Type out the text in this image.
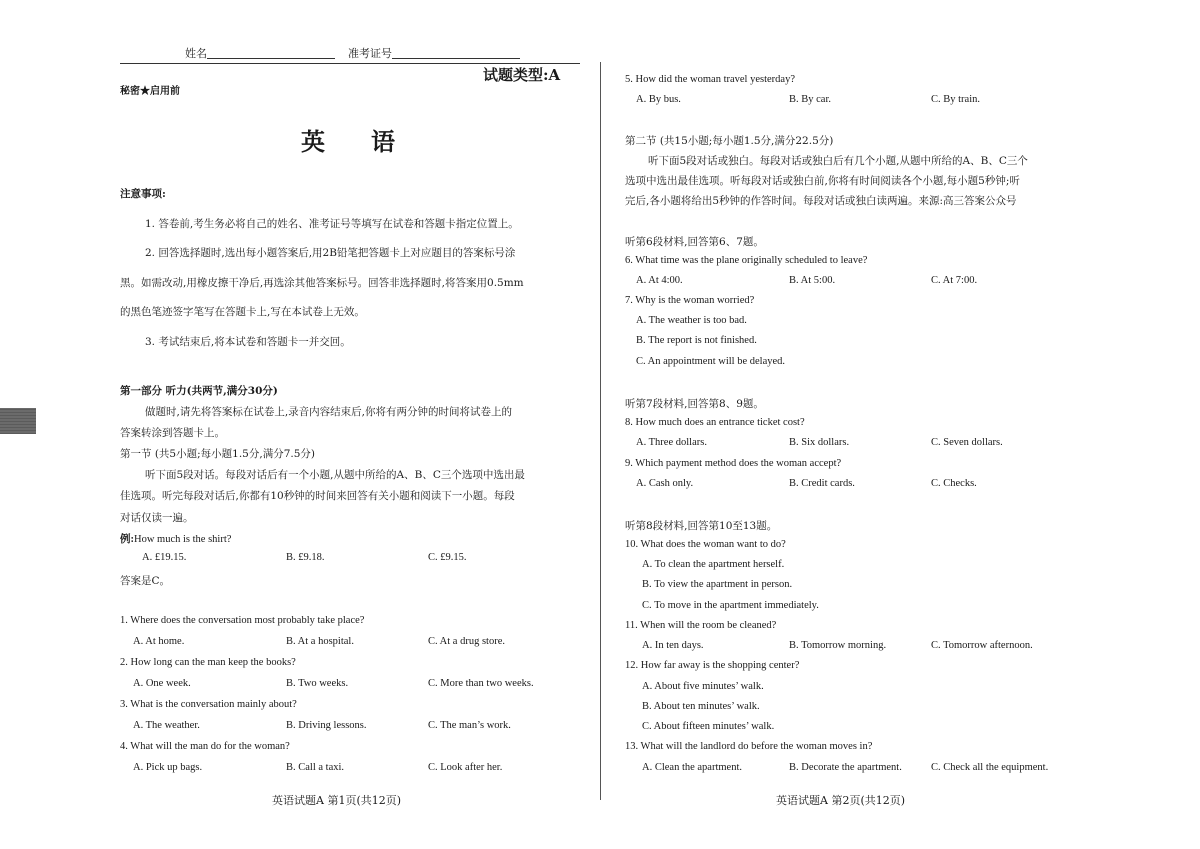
姓名	准考证号
试题类型:A
秘密★启用前
英语
注意事项:
1. 答卷前,考生务必将自己的姓名、准考证号等填写在试卷和答题卡指定位置上。
2. 回答选择题时,选出每小题答案后,用2B铅笔把答题卡上对应题目的答案标号涂
黑。如需改动,用橡皮擦干净后,再选涂其他答案标号。回答非选择题时,将答案用0.5mm
的黑色笔迹签字笔写在答题卡上,写在本试卷上无效。
3. 考试结束后,将本试卷和答题卡一并交回。
第一部分 听力(共两节,满分30分)
做题时,请先将答案标在试卷上,录音内容结束后,你将有两分钟的时间将试卷上的
答案转涂到答题卡上。
第一节 (共5小题;每小题1.5分,满分7.5分)
听下面5段对话。每段对话后有一个小题,从题中所给的A、B、C三个选项中选出最
佳选项。听完每段对话后,你都有10秒钟的时间来回答有关小题和阅读下一小题。每段
对话仅读一遍。
例:How much is the shirt?
A. £19.15.	B. £9.18.	C. £9.15.
答案是C。
1. Where does the conversation most probably take place?
A. At home.	B. At a hospital.	C. At a drug store.
2. How long can the man keep the books?
A. One week.	B. Two weeks.	C. More than two weeks.
3. What is the conversation mainly about?
A. The weather.	B. Driving lessons.	C. The man’s work.
4. What will the man do for the woman?
A. Pick up bags.	B. Call a taxi.	C. Look after her.
英语试题A 第1页(共12页)
5. How did the woman travel yesterday?
A. By bus.	B. By car.	C. By train.
第二节 (共15小题;每小题1.5分,满分22.5分)
听下面5段对话或独白。每段对话或独白后有几个小题,从题中所给的A、B、C三个
选项中选出最佳选项。听每段对话或独白前,你将有时间阅读各个小题,每小题5秒钟;听
完后,各小题将给出5秒钟的作答时间。每段对话或独白读两遍。来源:高三答案公众号
听第6段材料,回答第6、7题。
6. What time was the plane originally scheduled to leave?
A. At 4:00.	B. At 5:00.	C. At 7:00.
7. Why is the woman worried?
A. The weather is too bad.
B. The report is not finished.
C. An appointment will be delayed.
听第7段材料,回答第8、9题。
8. How much does an entrance ticket cost?
A. Three dollars.	B. Six dollars.	C. Seven dollars.
9. Which payment method does the woman accept?
A. Cash only.	B. Credit cards.	C. Checks.
听第8段材料,回答第10至13题。
10. What does the woman want to do?
A. To clean the apartment herself.
B. To view the apartment in person.
C. To move in the apartment immediately.
11. When will the room be cleaned?
A. In ten days.	B. Tomorrow morning.	C. Tomorrow afternoon.
12. How far away is the shopping center?
A. About five minutes’ walk.
B. About ten minutes’ walk.
C. About fifteen minutes’ walk.
13. What will the landlord do before the woman moves in?
A. Clean the apartment.	B. Decorate the apartment.	C. Check all the equipment.
英语试题A 第2页(共12页)
